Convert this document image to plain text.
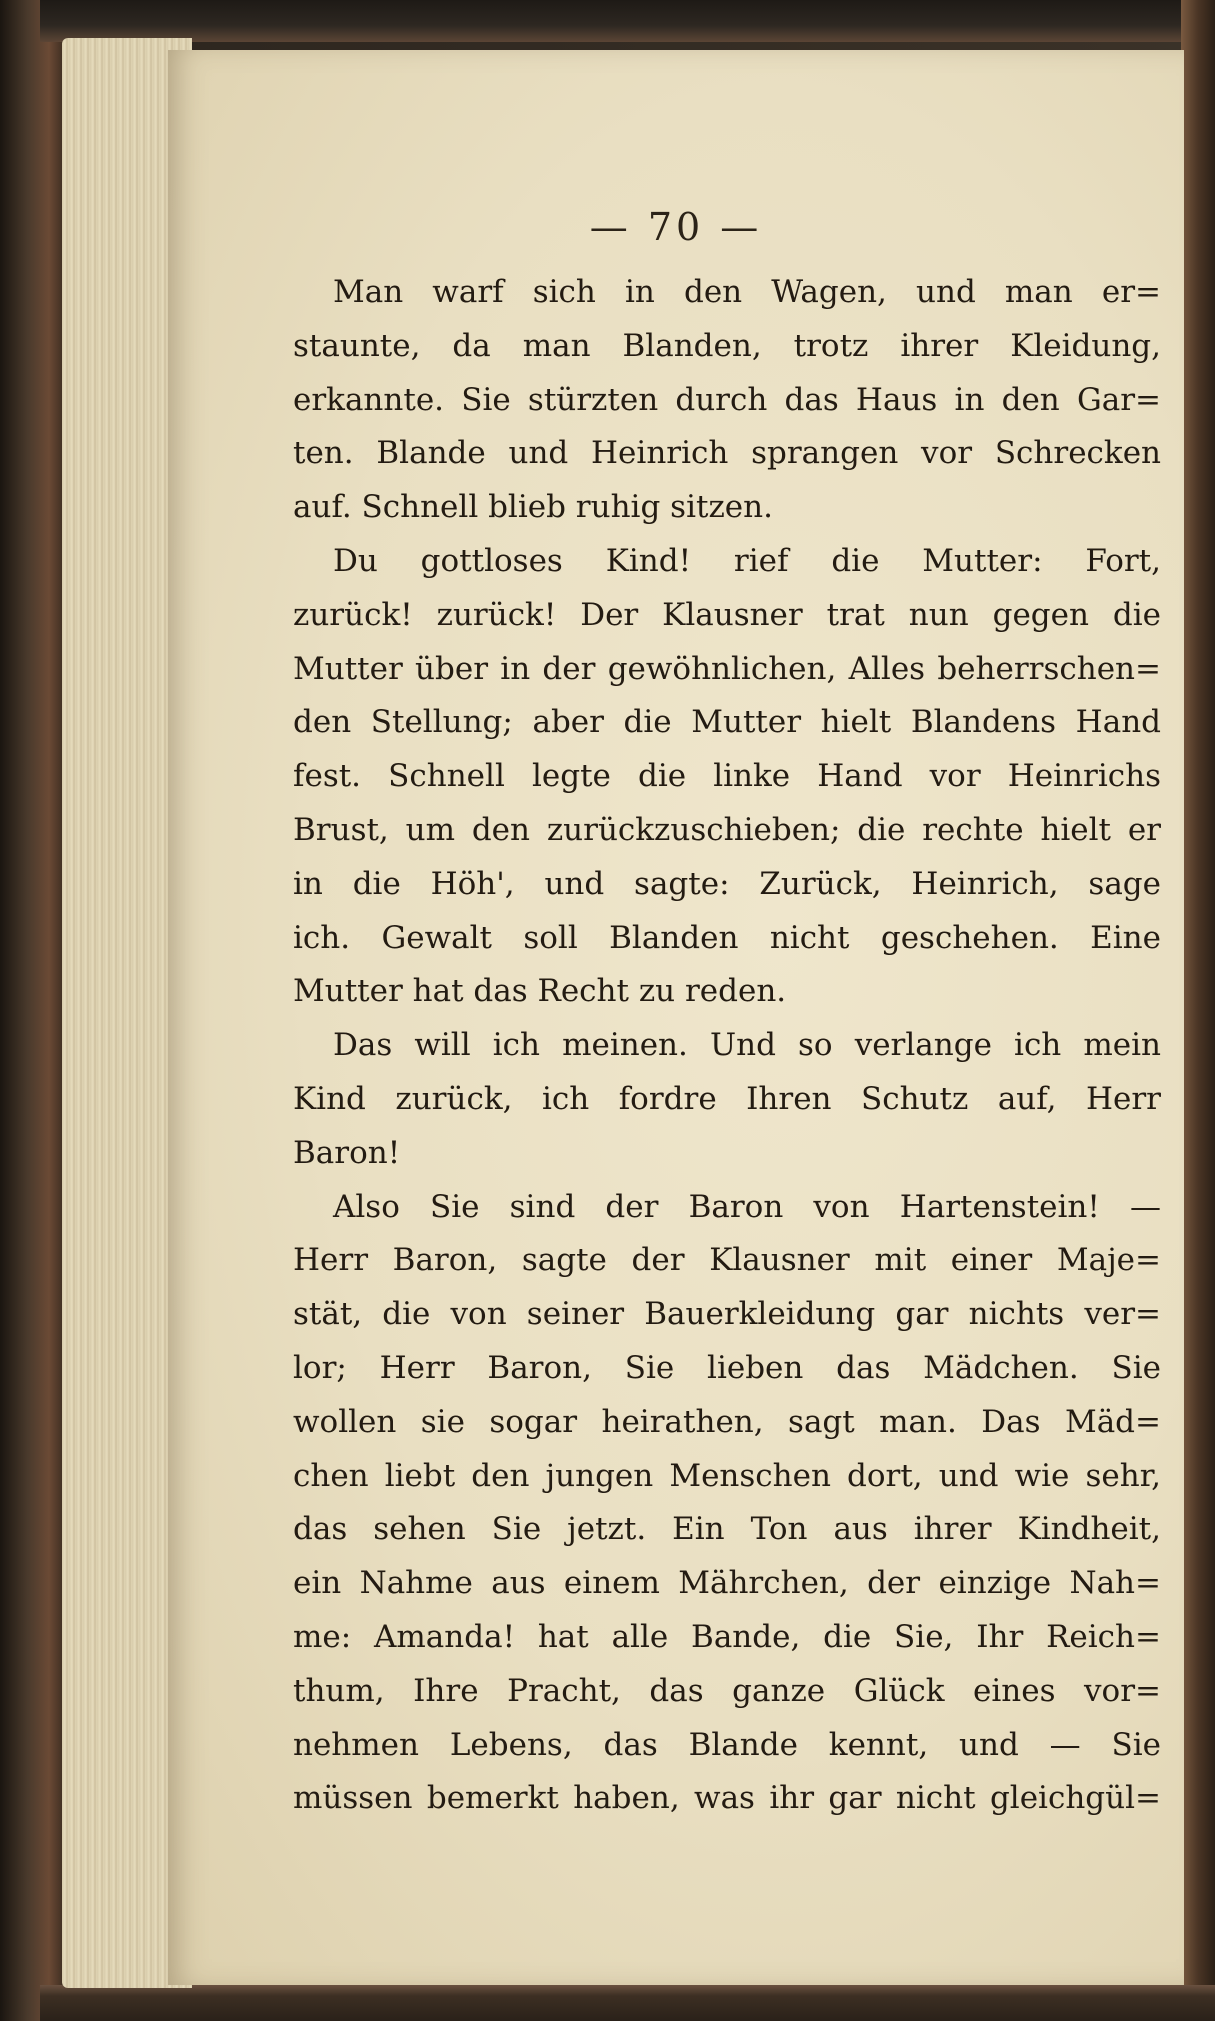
— 70 —
Man warf sich in den Wagen, und man er=
staunte, da man Blanden, trotz ihrer Kleidung,
erkannte. Sie stürzten durch das Haus in den Gar=
ten. Blande und Heinrich sprangen vor Schrecken
auf. Schnell blieb ruhig sitzen.
Du gottloses Kind! rief die Mutter: Fort,
zurück! zurück! Der Klausner trat nun gegen die
Mutter über in der gewöhnlichen, Alles beherrschen=
den Stellung; aber die Mutter hielt Blandens Hand
fest. Schnell legte die linke Hand vor Heinrichs
Brust, um den zurückzuschieben; die rechte hielt er
in die Höh', und sagte: Zurück, Heinrich, sage
ich. Gewalt soll Blanden nicht geschehen. Eine
Mutter hat das Recht zu reden.
Das will ich meinen. Und so verlange ich mein
Kind zurück, ich fordre Ihren Schutz auf, Herr
Baron!
Also Sie sind der Baron von Hartenstein! —
Herr Baron, sagte der Klausner mit einer Maje=
stät, die von seiner Bauerkleidung gar nichts ver=
lor; Herr Baron, Sie lieben das Mädchen. Sie
wollen sie sogar heirathen, sagt man. Das Mäd=
chen liebt den jungen Menschen dort, und wie sehr,
das sehen Sie jetzt. Ein Ton aus ihrer Kindheit,
ein Nahme aus einem Mährchen, der einzige Nah=
me: Amanda! hat alle Bande, die Sie, Ihr Reich=
thum, Ihre Pracht, das ganze Glück eines vor=
nehmen Lebens, das Blande kennt, und — Sie
müssen bemerkt haben, was ihr gar nicht gleichgül=
